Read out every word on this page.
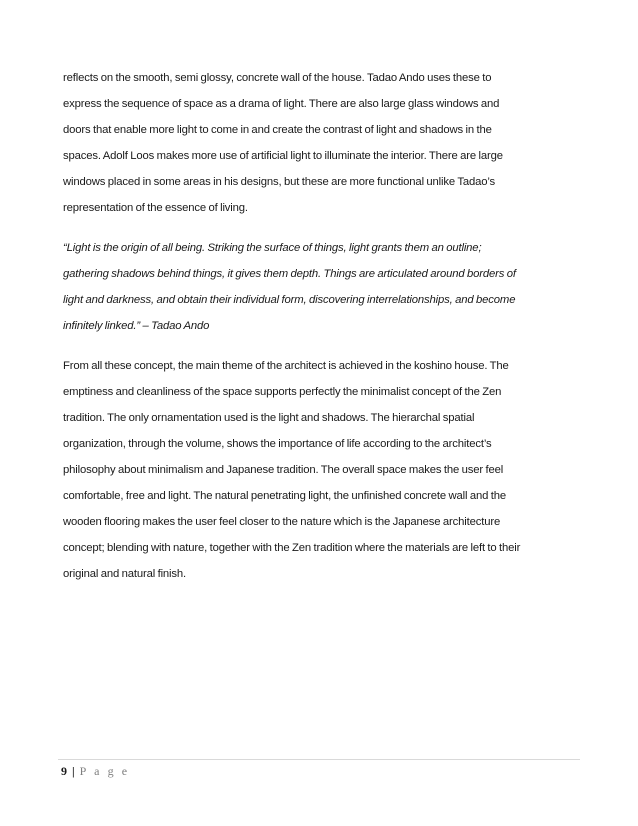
reflects on the smooth, semi glossy, concrete wall of the house. Tadao Ando uses these to
express the sequence of space as a drama of light. There are also large glass windows and
doors that enable more light to come in and create the contrast of light and shadows in the
spaces. Adolf Loos makes more use of artificial light to illuminate the interior. There are large
windows placed in some areas in his designs, but these are more functional unlike Tadao’s
representation of the essence of living.
“Light is the origin of all being. Striking the surface of things, light grants them an outline;
gathering shadows behind things, it gives them depth. Things are articulated around borders of
light and darkness, and obtain their individual form, discovering interrelationships, and become
infinitely linked.” – Tadao Ando
From all these concept, the main theme of the architect is achieved in the koshino house. The
emptiness and cleanliness of the space supports perfectly the minimalist concept of the Zen
tradition. The only ornamentation used is the light and shadows. The hierarchal spatial
organization, through the volume, shows the importance of life according to the architect’s
philosophy about minimalism and Japanese tradition. The overall space makes the user feel
comfortable, free and light. The natural penetrating light, the unfinished concrete wall and the
wooden flooring makes the user feel closer to the nature which is the Japanese architecture
concept; blending with nature, together with the Zen tradition where the materials are left to their
original and natural finish.
9 | P a g e
